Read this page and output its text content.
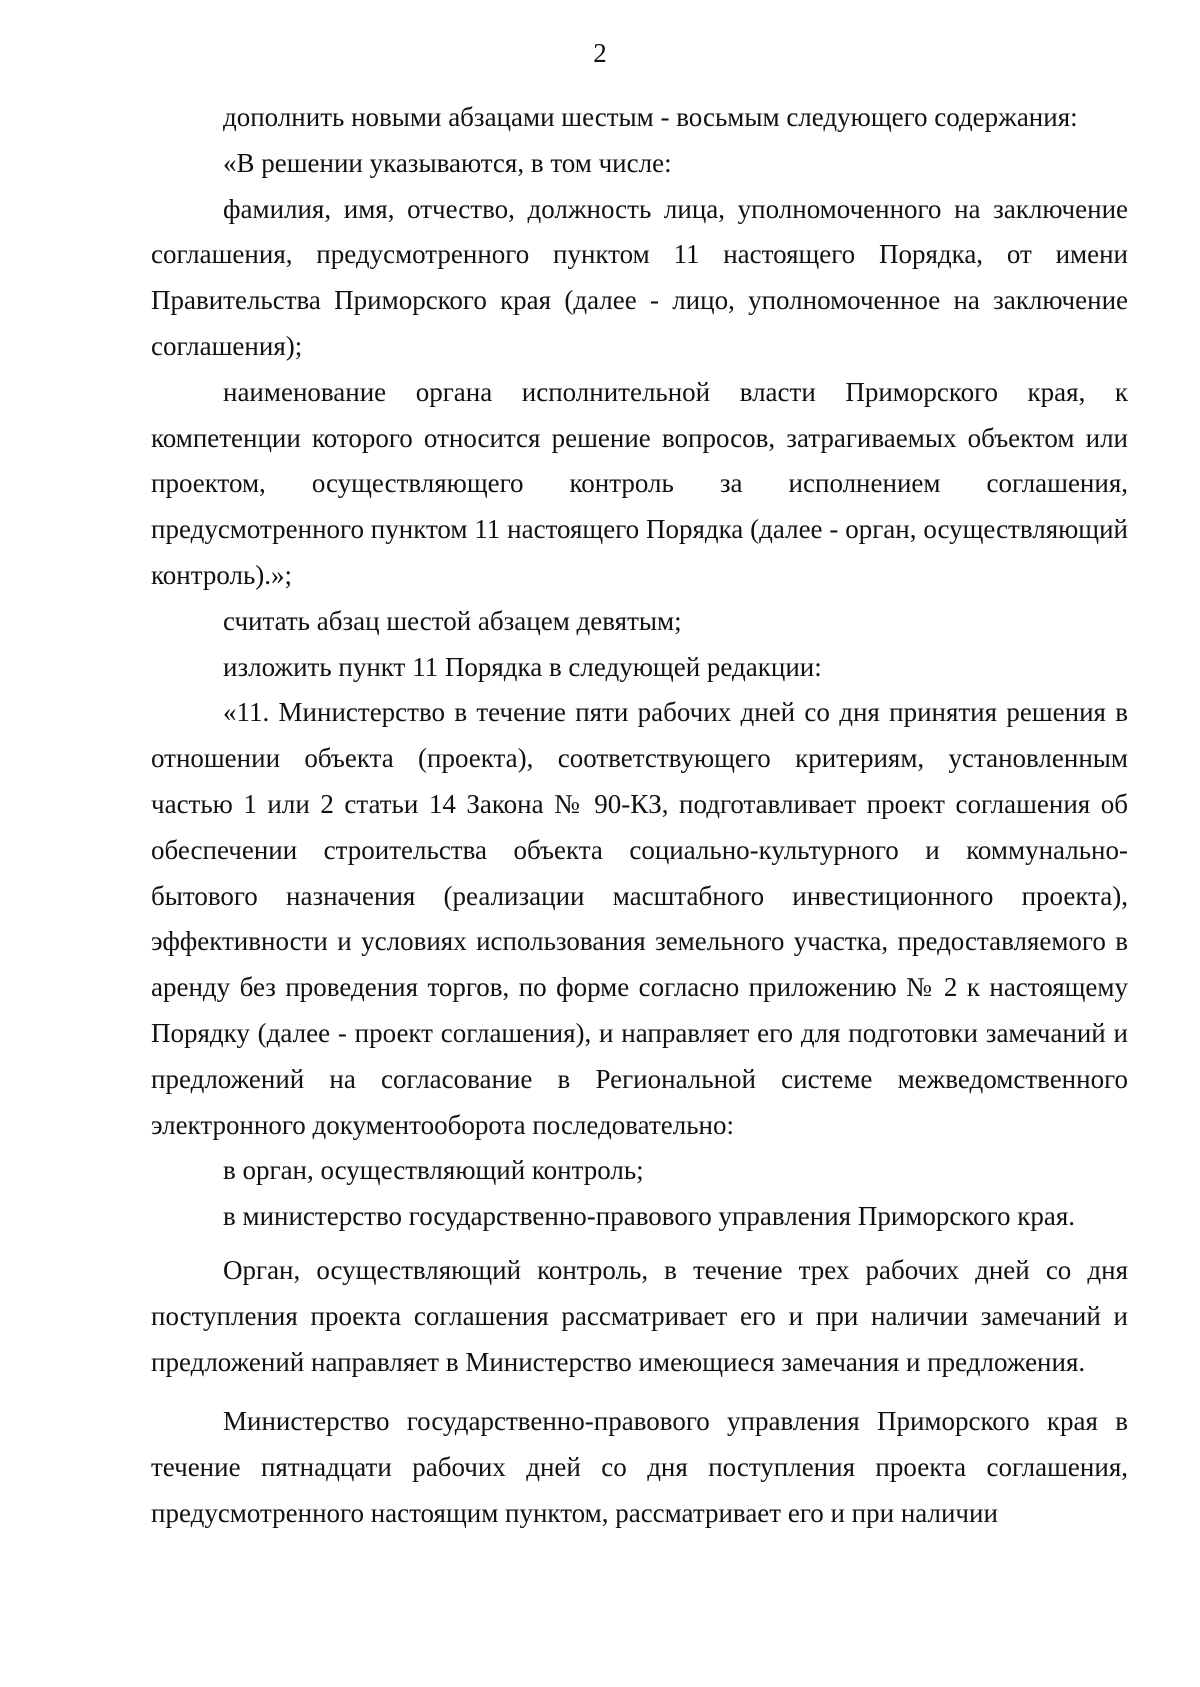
2

дополнить новыми абзацами шестым - восьмым следующего содержания:

«В решении указываются, в том числе:

фамилия, имя, отчество, должность лица, уполномоченного на заключение соглашения, предусмотренного пунктом 11 настоящего Порядка, от имени Правительства Приморского края (далее - лицо, уполномоченное на заключение соглашения);

наименование органа исполнительной власти Приморского края, к компетенции которого относится решение вопросов, затрагиваемых объектом или проектом, осуществляющего контроль за исполнением соглашения, предусмотренного пунктом 11 настоящего Порядка (далее - орган, осуществляющий контроль).»;

считать абзац шестой абзацем девятым;

изложить пункт 11 Порядка в следующей редакции:

«11. Министерство в течение пяти рабочих дней со дня принятия решения в отношении объекта (проекта), соответствующего критериям, установленным частью 1 или 2 статьи 14 Закона № 90-КЗ, подготавливает проект соглашения об обеспечении строительства объекта социально-культурного и коммунально-бытового назначения (реализации масштабного инвестиционного проекта), эффективности и условиях использования земельного участка, предоставляемого в аренду без проведения торгов, по форме согласно приложению № 2 к настоящему Порядку (далее - проект соглашения), и направляет его для подготовки замечаний и предложений на согласование в Региональной системе межведомственного электронного документооборота последовательно:

в орган, осуществляющий контроль;

в министерство государственно-правового управления Приморского края.

Орган, осуществляющий контроль, в течение трех рабочих дней со дня поступления проекта соглашения рассматривает его и при наличии замечаний и предложений направляет в Министерство имеющиеся замечания и предложения.

Министерство государственно-правового управления Приморского края в течение пятнадцати рабочих дней со дня поступления проекта соглашения, предусмотренного настоящим пунктом, рассматривает его и при наличии
